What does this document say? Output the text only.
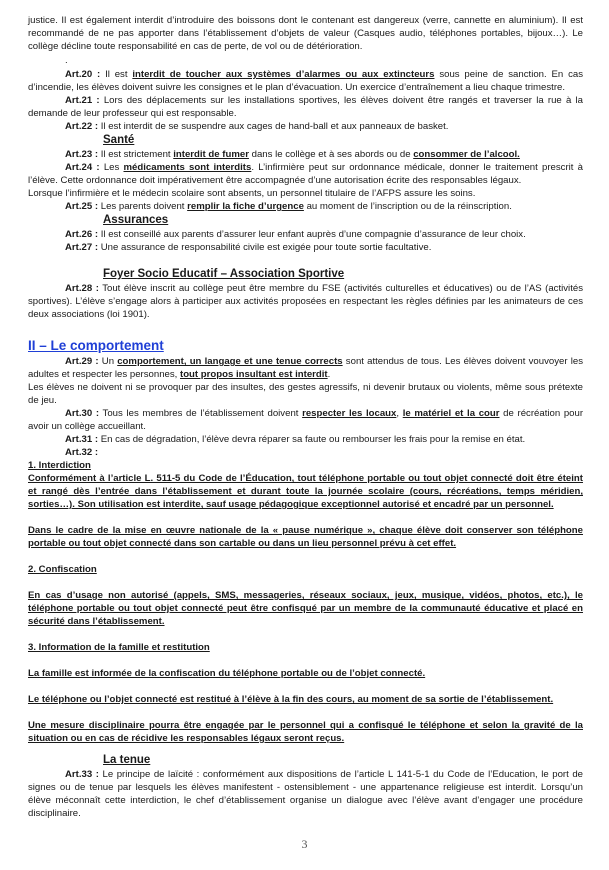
justice. Il est également interdit d’introduire des boissons dont le contenant est dangereux (verre, cannette en aluminium). Il est recommandé de ne pas apporter dans l’établissement d’objets de valeur (Casques audio, téléphones portables, bijoux…). Le collège décline toute responsabilité en cas de perte, de vol ou de détérioration.

.

Art.20 : Il est interdit de toucher aux systèmes d’alarmes ou aux extincteurs sous peine de sanction. En cas d’incendie, les élèves doivent suivre les consignes et le plan d’évacuation. Un exercice d’entraînement a lieu chaque trimestre.

Art.21 : Lors des déplacements sur les installations sportives, les élèves doivent être rangés et traverser la rue à la demande de leur professeur qui est responsable.

Art.22 : Il est interdit de se suspendre aux cages de hand-ball et aux panneaux de basket.

Santé

Art.23 : Il est strictement interdit de fumer dans le collège et à ses abords ou de consommer de l’alcool.

Art.24 : Les médicaments sont interdits. L’infirmière peut sur ordonnance médicale, donner le traitement prescrit à l’élève. Cette ordonnance doit impérativement être accompagnée d’une autorisation écrite des responsables légaux.

Lorsque l’infirmière et le médecin scolaire sont absents, un personnel titulaire de l’AFPS assure les soins.

Art.25 : Les parents doivent remplir la fiche d’urgence au moment de l’inscription ou de la réinscription.

Assurances

Art.26 : Il est conseillé aux parents d’assurer leur enfant auprès d’une compagnie d’assurance de leur choix.

Art.27 : Une assurance de responsabilité civile est exigée pour toute sortie facultative.

Foyer Socio Educatif – Association Sportive

Art.28 : Tout élève inscrit au collège peut être membre du FSE (activités culturelles et éducatives) ou de l’AS (activités sportives). L’élève s’engage alors à participer aux activités proposées en respectant les règles définies par les animateurs de ces deux associations (loi 1901).

II – Le comportement

Art.29 : Un comportement, un langage et une tenue corrects sont attendus de tous. Les élèves doivent vouvoyer les adultes et respecter les personnes, tout propos insultant est interdit.

Les élèves ne doivent ni se provoquer par des insultes, des gestes agressifs, ni devenir brutaux ou violents, même sous prétexte de jeu.

Art.30 : Tous les membres de l’établissement doivent respecter les locaux, le matériel et la cour de récréation pour avoir un collège accueillant.

Art.31 : En cas de dégradation, l’élève devra réparer sa faute ou rembourser les frais pour la remise en état.

Art.32 :

1. Interdiction

Conformément à l’article L. 511-5 du Code de l’Éducation, tout téléphone portable ou tout objet connecté doit être éteint et rangé dès l’entrée dans l’établissement et durant toute la journée scolaire (cours, récréations, temps méridien, sorties…). Son utilisation est interdite, sauf usage pédagogique exceptionnel autorisé et encadré par un personnel.

Dans le cadre de la mise en œuvre nationale de la « pause numérique », chaque élève doit conserver son téléphone portable ou tout objet connecté dans son cartable ou dans un lieu personnel prévu à cet effet.

2. Confiscation

En cas d’usage non autorisé (appels, SMS, messageries, réseaux sociaux, jeux, musique, vidéos, photos, etc.), le téléphone portable ou tout objet connecté peut être confisqué par un membre de la communauté éducative et placé en sécurité dans l’établissement.

3. Information de la famille et restitution

La famille est informée de la confiscation du téléphone portable ou de l’objet connecté.

Le téléphone ou l’objet connecté est restitué à l’élève à la fin des cours, au moment de sa sortie de l’établissement.

Une mesure disciplinaire pourra être engagée par le personnel qui a confisqué le téléphone et selon la gravité de la situation ou en cas de récidive les responsables légaux seront reçus.

La tenue

Art.33 : Le principe de laïcité : conformément aux dispositions de l’article L 141-5-1 du Code de l’Education, le port de signes ou de tenue par lesquels les élèves manifestent - ostensiblement - une appartenance religieuse est interdit. Lorsqu’un élève méconnaît cette interdiction, le chef d’établissement organise un dialogue avec l’élève avant d’engager une procédure disciplinaire.

3
